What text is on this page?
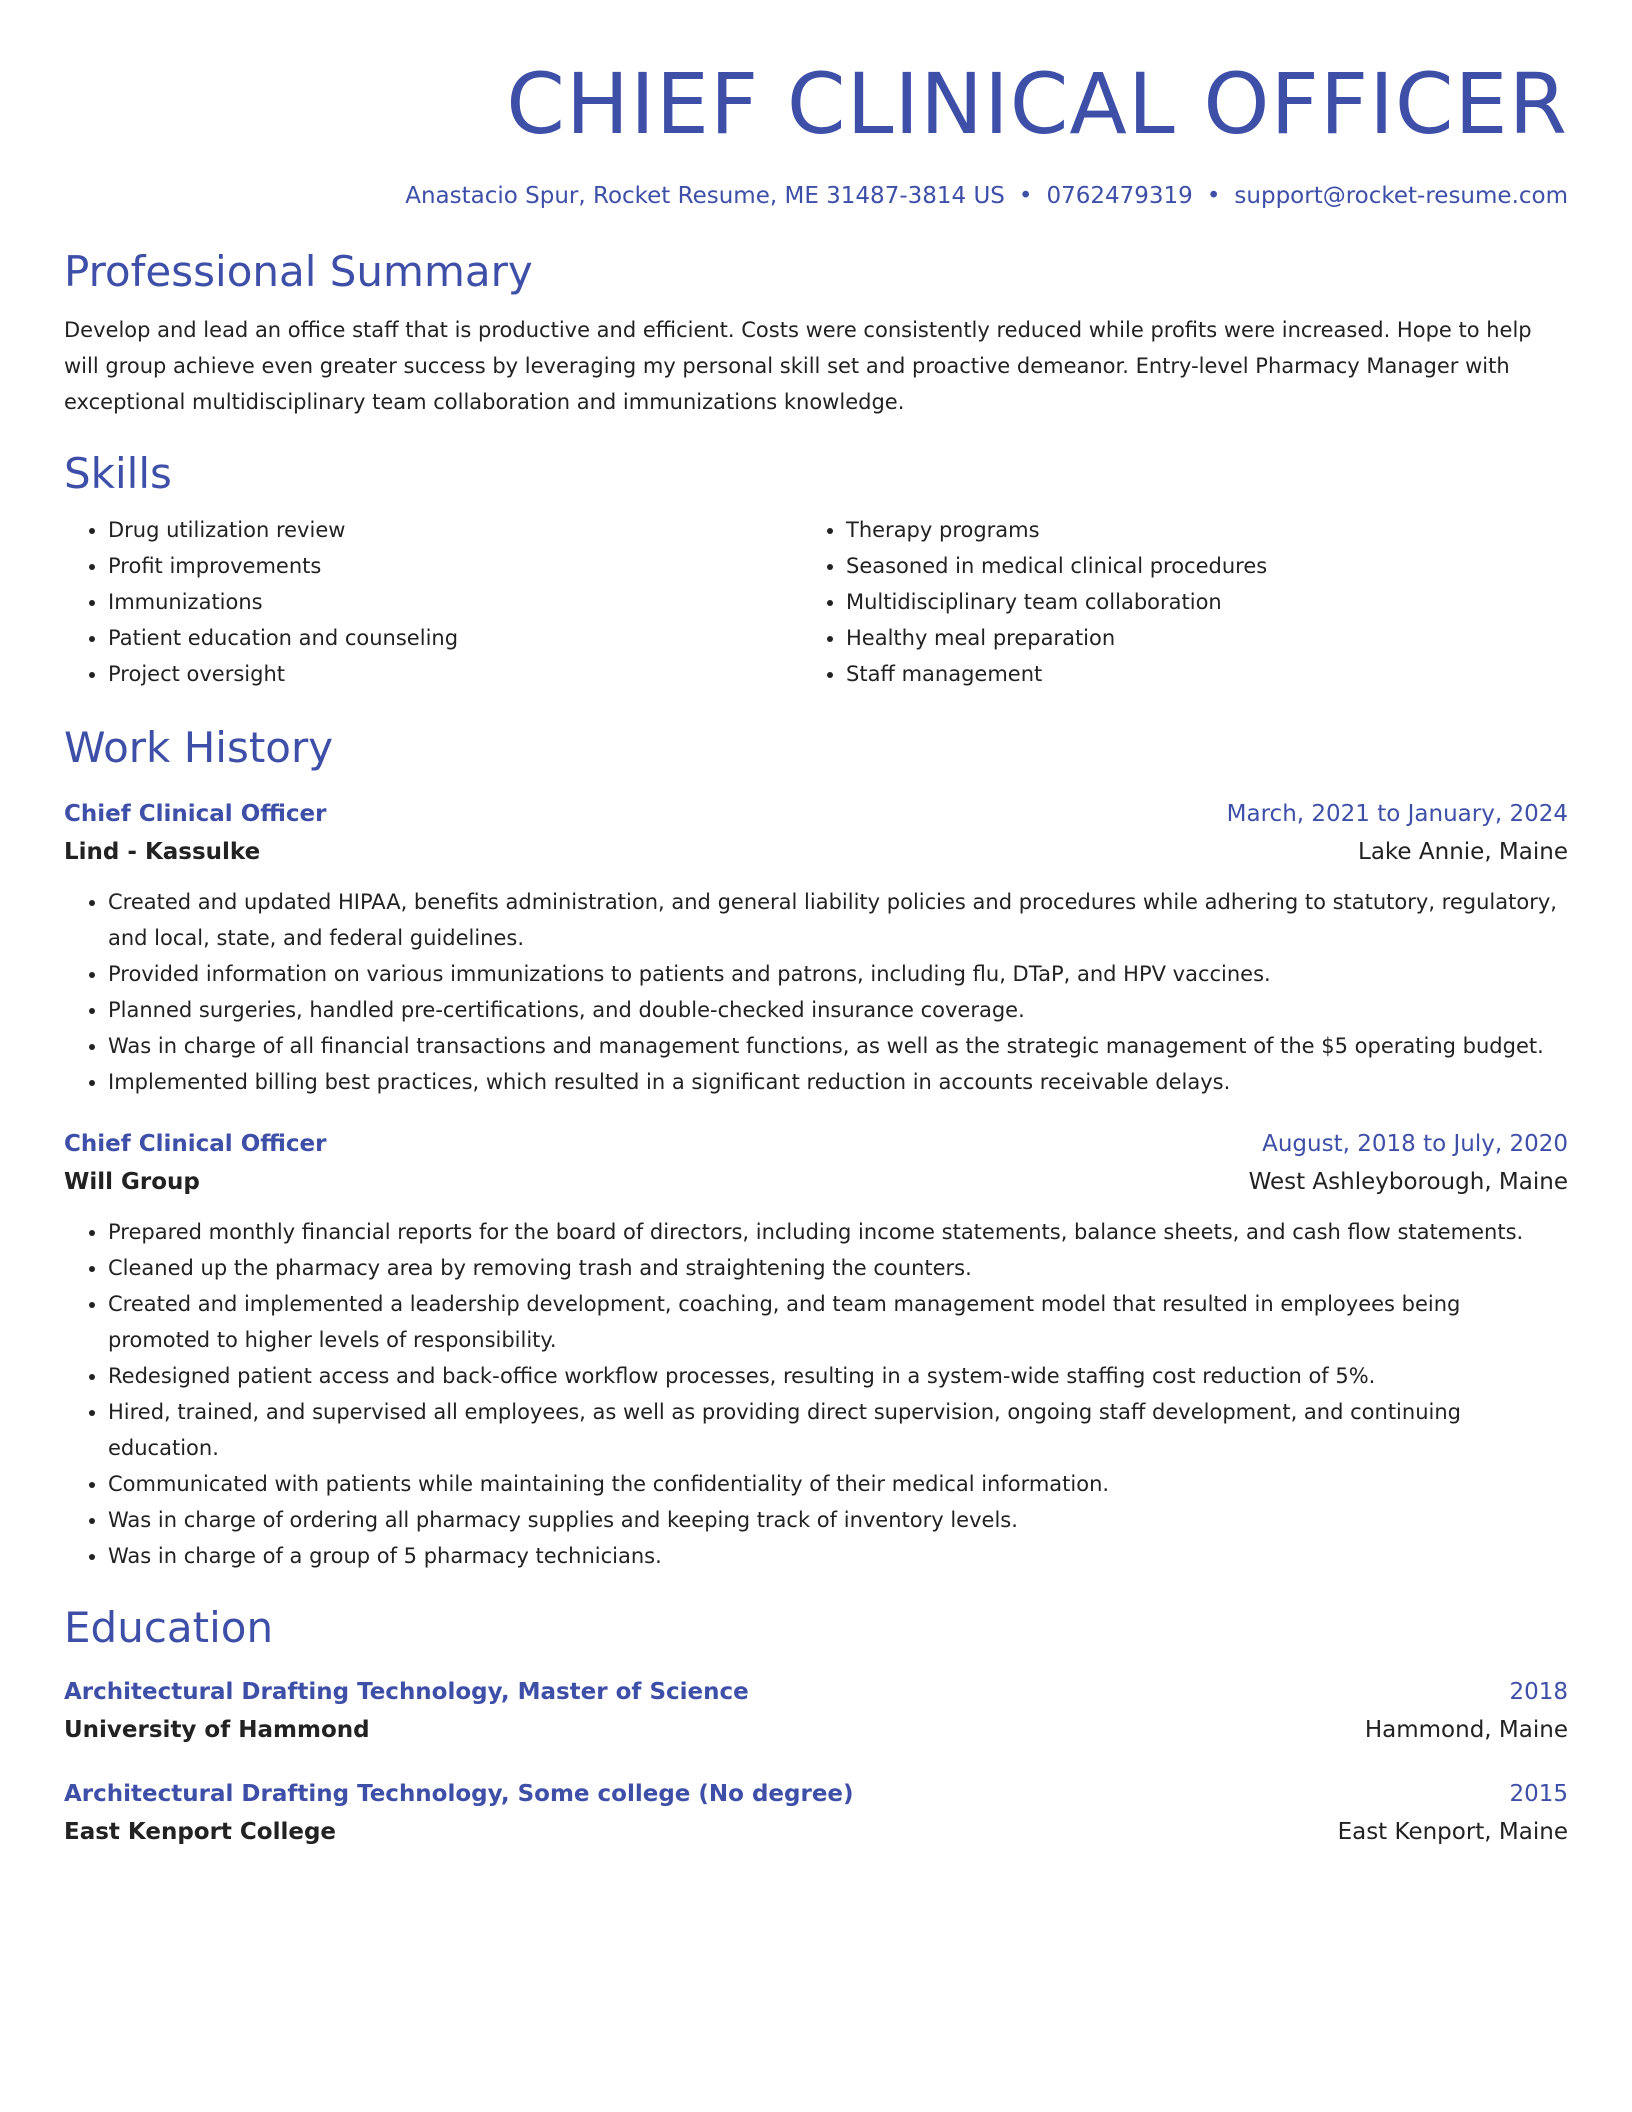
CHIEF CLINICAL OFFICER
Anastacio Spur, Rocket Resume, ME 31487-3814 US • 0762479319 • support@rocket-resume.com
Professional Summary
Develop and lead an office staff that is productive and efficient. Costs were consistently reduced while profits were increased. Hope to help will group achieve even greater success by leveraging my personal skill set and proactive demeanor. Entry-level Pharmacy Manager with exceptional multidisciplinary team collaboration and immunizations knowledge.
Skills
• Drug utilization review
• Profit improvements
• Immunizations
• Patient education and counseling
• Project oversight
• Therapy programs
• Seasoned in medical clinical procedures
• Multidisciplinary team collaboration
• Healthy meal preparation
• Staff management
Work History
Chief Clinical Officer	March, 2021 to January, 2024
Lind - Kassulke	Lake Annie, Maine
• Created and updated HIPAA, benefits administration, and general liability policies and procedures while adhering to statutory, regulatory, and local, state, and federal guidelines.
• Provided information on various immunizations to patients and patrons, including flu, DTaP, and HPV vaccines.
• Planned surgeries, handled pre-certifications, and double-checked insurance coverage.
• Was in charge of all financial transactions and management functions, as well as the strategic management of the $5 operating budget.
• Implemented billing best practices, which resulted in a significant reduction in accounts receivable delays.
Chief Clinical Officer	August, 2018 to July, 2020
Will Group	West Ashleyborough, Maine
• Prepared monthly financial reports for the board of directors, including income statements, balance sheets, and cash flow statements.
• Cleaned up the pharmacy area by removing trash and straightening the counters.
• Created and implemented a leadership development, coaching, and team management model that resulted in employees being promoted to higher levels of responsibility.
• Redesigned patient access and back-office workflow processes, resulting in a system-wide staffing cost reduction of 5%.
• Hired, trained, and supervised all employees, as well as providing direct supervision, ongoing staff development, and continuing education.
• Communicated with patients while maintaining the confidentiality of their medical information.
• Was in charge of ordering all pharmacy supplies and keeping track of inventory levels.
• Was in charge of a group of 5 pharmacy technicians.
Education
Architectural Drafting Technology, Master of Science	2018
University of Hammond	Hammond, Maine
Architectural Drafting Technology, Some college (No degree)	2015
East Kenport College	East Kenport, Maine
